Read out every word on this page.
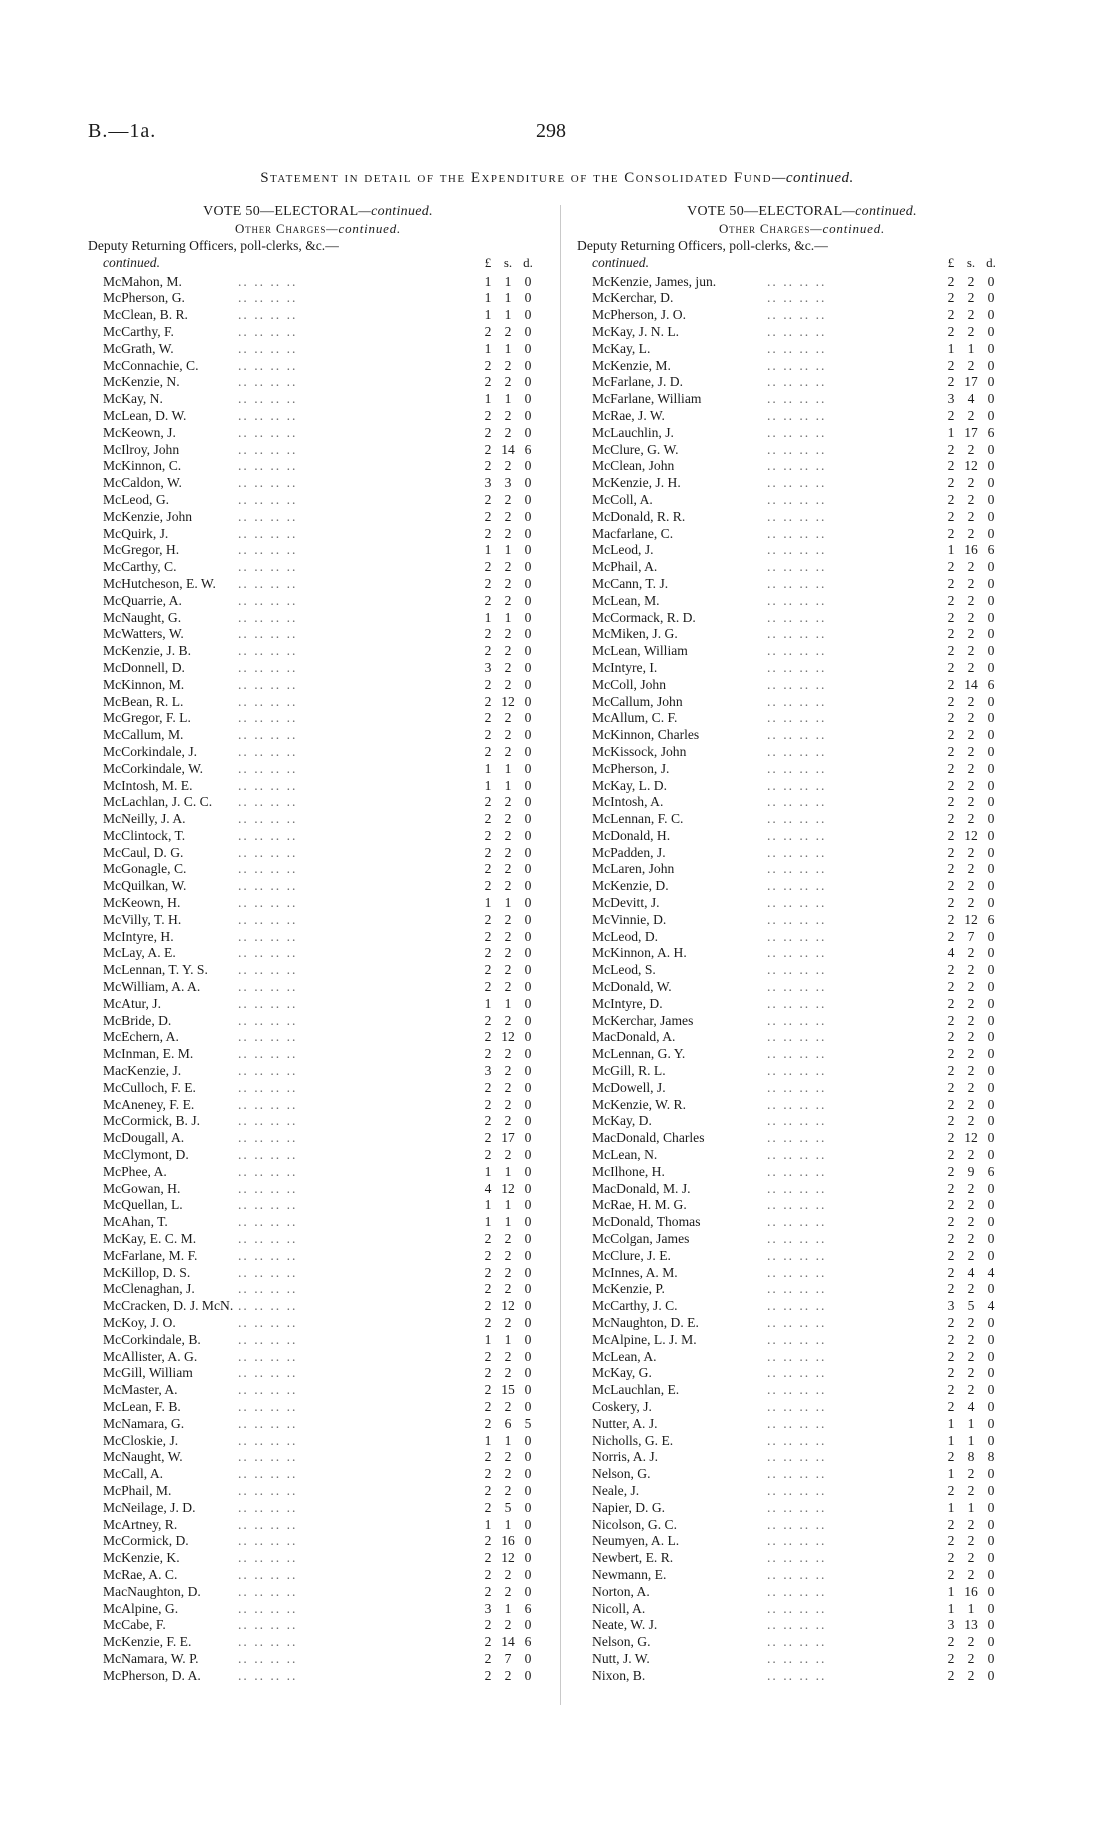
B.—1a.	298
Statement in detail of the Expenditure of the Consolidated Fund—continued.
VOTE 50—ELECTORAL—continued.
Other Charges—continued.
Deputy Returning Officers, poll-clerks, &c.—
continued.	£ s. d.
McMahon, M.	.. .. .. ..	1 1 0
McPherson, G.	.. .. .. ..	1 1 0
McClean, B. R.	.. .. .. ..	1 1 0
McCarthy, F.	.. .. .. ..	2 2 0
McGrath, W.	.. .. .. ..	1 1 0
McConnachie, C.	.. .. .. ..	2 2 0
McKenzie, N.	.. .. .. ..	2 2 0
McKay, N.	.. .. .. ..	1 1 0
McLean, D. W.	.. .. .. ..	2 2 0
McKeown, J.	.. .. .. ..	2 2 0
McIlroy, John	.. .. .. ..	2 14 6
McKinnon, C.	.. .. .. ..	2 2 0
McCaldon, W.	.. .. .. ..	3 3 0
McLeod, G.	.. .. .. ..	2 2 0
McKenzie, John	.. .. .. ..	2 2 0
McQuirk, J.	.. .. .. ..	2 2 0
McGregor, H.	.. .. .. ..	1 1 0
McCarthy, C.	.. .. .. ..	2 2 0
McHutcheson, E. W. .. .. .. ..	2 2 0
McQuarrie, A.	.. .. .. ..	2 2 0
McNaught, G.	.. .. .. ..	1 1 0
McWatters, W.	.. .. .. ..	2 2 0
McKenzie, J. B.	.. .. .. ..	2 2 0
McDonnell, D.	.. .. .. ..	3 2 0
McKinnon, M.	.. .. .. ..	2 2 0
McBean, R. L.	.. .. .. ..	2 12 0
McGregor, F. L.	.. .. .. ..	2 2 0
McCallum, M.	.. .. .. ..	2 2 0
McCorkindale, J.	.. .. .. ..	2 2 0
McCorkindale, W.	.. .. .. ..	1 1 0
McIntosh, M. E.	.. .. .. ..	1 1 0
McLachlan, J. C. C. .. .. .. ..	2 2 0
McNeilly, J. A.	.. .. .. ..	2 2 0
McClintock, T.	.. .. .. ..	2 2 0
McCaul, D. G.	.. .. .. ..	2 2 0
McGonagle, C.	.. .. .. ..	2 2 0
McQuilkan, W.	.. .. .. ..	2 2 0
McKeown, H.	.. .. .. ..	1 1 0
McVilly, T. H.	.. .. .. ..	2 2 0
McIntyre, H.	.. .. .. ..	2 2 0
McLay, A. E.	.. .. .. ..	2 2 0
McLennan, T. Y. S. .. .. .. ..	2 2 0
McWilliam, A. A.	.. .. .. ..	2 2 0
McAtur, J.	.. .. .. ..	1 1 0
McBride, D.	.. .. .. ..	2 2 0
McEchern, A.	.. .. .. ..	2 12 0
McInman, E. M.	.. .. .. ..	2 2 0
MacKenzie, J.	.. .. .. ..	3 2 0
McCulloch, F. E.	.. .. .. ..	2 2 0
McAneney, F. E.	.. .. .. ..	2 2 0
McCormick, B. J.	.. .. .. ..	2 2 0
McDougall, A.	.. .. .. ..	2 17 0
McClymont, D.	.. .. .. ..	2 2 0
McPhee, A.	.. .. .. ..	1 1 0
McGowan, H.	.. .. .. ..	4 12 0
McQuellan, L.	.. .. .. ..	1 1 0
McAhan, T.	.. .. .. ..	1 1 0
McKay, E. C. M.	.. .. .. ..	2 2 0
McFarlane, M. F.	.. .. .. ..	2 2 0
McKillop, D. S.	.. .. .. ..	2 2 0
McClenaghan, J.	.. .. .. ..	2 2 0
McCracken, D. J. McN. .. .. .. ..	2 12 0
McKoy, J. O.	.. .. .. ..	2 2 0
McCorkindale, B.	.. .. .. ..	1 1 0
McAllister, A. G.	.. .. .. ..	2 2 0
McGill, William	.. .. .. ..	2 2 0
McMaster, A.	.. .. .. ..	2 15 0
McLean, F. B.	.. .. .. ..	2 2 0
McNamara, G.	.. .. .. ..	2 6 5
McCloskie, J.	.. .. .. ..	1 1 0
McNaught, W.	.. .. .. ..	2 2 0
McCall, A.	.. .. .. ..	2 2 0
McPhail, M.	.. .. .. ..	2 2 0
McNeilage, J. D.	.. .. .. ..	2 5 0
McArtney, R.	.. .. .. ..	1 1 0
McCormick, D.	.. .. .. ..	2 16 0
McKenzie, K.	.. .. .. ..	2 12 0
McRae, A. C.	.. .. .. ..	2 2 0
MacNaughton, D.	.. .. .. ..	2 2 0
McAlpine, G.	.. .. .. ..	3 1 6
McCabe, F.	.. .. .. ..	2 2 0
McKenzie, F. E.	.. .. .. ..	2 14 6
McNamara, W. P.	.. .. .. ..	2 7 0
McPherson, D. A.	.. .. .. ..	2 2 0
VOTE 50—ELECTORAL—continued.
Other Charges—continued.
Deputy Returning Officers, poll-clerks, &c.—
continued.	£ s. d.
McKenzie, James, jun.	.. .. .. ..	2 2 0
McKerchar, D.	.. .. .. ..	2 2 0
McPherson, J. O.	.. .. .. ..	2 2 0
McKay, J. N. L.	.. .. .. ..	2 2 0
McKay, L.	.. .. .. ..	1 1 0
McKenzie, M.	.. .. .. ..	2 2 0
McFarlane, J. D.	.. .. .. ..	2 17 0
McFarlane, William	.. .. .. ..	3 4 0
McRae, J. W.	.. .. .. ..	2 2 0
McLauchlin, J.	.. .. .. ..	1 17 6
McClure, G. W.	.. .. .. ..	2 2 0
McClean, John	.. .. .. ..	2 12 0
McKenzie, J. H.	.. .. .. ..	2 2 0
McColl, A.	.. .. .. ..	2 2 0
McDonald, R. R.	.. .. .. ..	2 2 0
Macfarlane, C.	.. .. .. ..	2 2 0
McLeod, J.	.. .. .. ..	1 16 6
McPhail, A.	.. .. .. ..	2 2 0
McCann, T. J.	.. .. .. ..	2 2 0
McLean, M.	.. .. .. ..	2 2 0
McCormack, R. D.	.. .. .. ..	2 2 0
McMiken, J. G.	.. .. .. ..	2 2 0
McLean, William	.. .. .. ..	2 2 0
McIntyre, I.	.. .. .. ..	2 2 0
McColl, John	.. .. .. ..	2 14 6
McCallum, John	.. .. .. ..	2 2 0
McAllum, C. F.	.. .. .. ..	2 2 0
McKinnon, Charles	.. .. .. ..	2 2 0
McKissock, John	.. .. .. ..	2 2 0
McPherson, J.	.. .. .. ..	2 2 0
McKay, L. D.	.. .. .. ..	2 2 0
McIntosh, A.	.. .. .. ..	2 2 0
McLennan, F. C.	.. .. .. ..	2 2 0
McDonald, H.	.. .. .. ..	2 12 0
McPadden, J.	.. .. .. ..	2 2 0
McLaren, John	.. .. .. ..	2 2 0
McKenzie, D.	.. .. .. ..	2 2 0
McDevitt, J.	.. .. .. ..	2 2 0
McVinnie, D.	.. .. .. ..	2 12 6
McLeod, D.	.. .. .. ..	2 7 0
McKinnon, A. H.	.. .. .. ..	4 2 0
McLeod, S.	.. .. .. ..	2 2 0
McDonald, W.	.. .. .. ..	2 2 0
McIntyre, D.	.. .. .. ..	2 2 0
McKerchar, James	.. .. .. ..	2 2 0
MacDonald, A.	.. .. .. ..	2 2 0
McLennan, G. Y.	.. .. .. ..	2 2 0
McGill, R. L.	.. .. .. ..	2 2 0
McDowell, J.	.. .. .. ..	2 2 0
McKenzie, W. R.	.. .. .. ..	2 2 0
McKay, D.	.. .. .. ..	2 2 0
MacDonald, Charles	.. .. .. ..	2 12 0
McLean, N.	.. .. .. ..	2 2 0
McIlhone, H.	.. .. .. ..	2 9 6
MacDonald, M. J.	.. .. .. ..	2 2 0
McRae, H. M. G.	.. .. .. ..	2 2 0
McDonald, Thomas	.. .. .. ..	2 2 0
McColgan, James	.. .. .. ..	2 2 0
McClure, J. E.	.. .. .. ..	2 2 0
McInnes, A. M.	.. .. .. ..	2 4 4
McKenzie, P.	.. .. .. ..	2 2 0
McCarthy, J. C.	.. .. .. ..	3 5 4
McNaughton, D. E.	.. .. .. ..	2 2 0
McAlpine, L. J. M.	.. .. .. ..	2 2 0
McLean, A.	.. .. .. ..	2 2 0
McKay, G.	.. .. .. ..	2 2 0
McLauchlan, E.	.. .. .. ..	2 2 0
Coskery, J.	.. .. .. ..	2 4 0
Nutter, A. J.	.. .. .. ..	1 1 0
Nicholls, G. E.	.. .. .. ..	1 1 0
Norris, A. J.	.. .. .. ..	2 8 8
Nelson, G.	.. .. .. ..	1 2 0
Neale, J.	.. .. .. ..	2 2 0
Napier, D. G.	.. .. .. ..	1 1 0
Nicolson, G. C.	.. .. .. ..	2 2 0
Neumyen, A. L.	.. .. .. ..	2 2 0
Newbert, E. R.	.. .. .. ..	2 2 0
Newmann, E.	.. .. .. ..	2 2 0
Norton, A.	.. .. .. ..	1 16 0
Nicoll, A.	.. .. .. ..	1 1 0
Neate, W. J.	.. .. .. ..	3 13 0
Nelson, G.	.. .. .. ..	2 2 0
Nutt, J. W.	.. .. .. ..	2 2 0
Nixon, B.	.. .. .. ..	2 2 0
